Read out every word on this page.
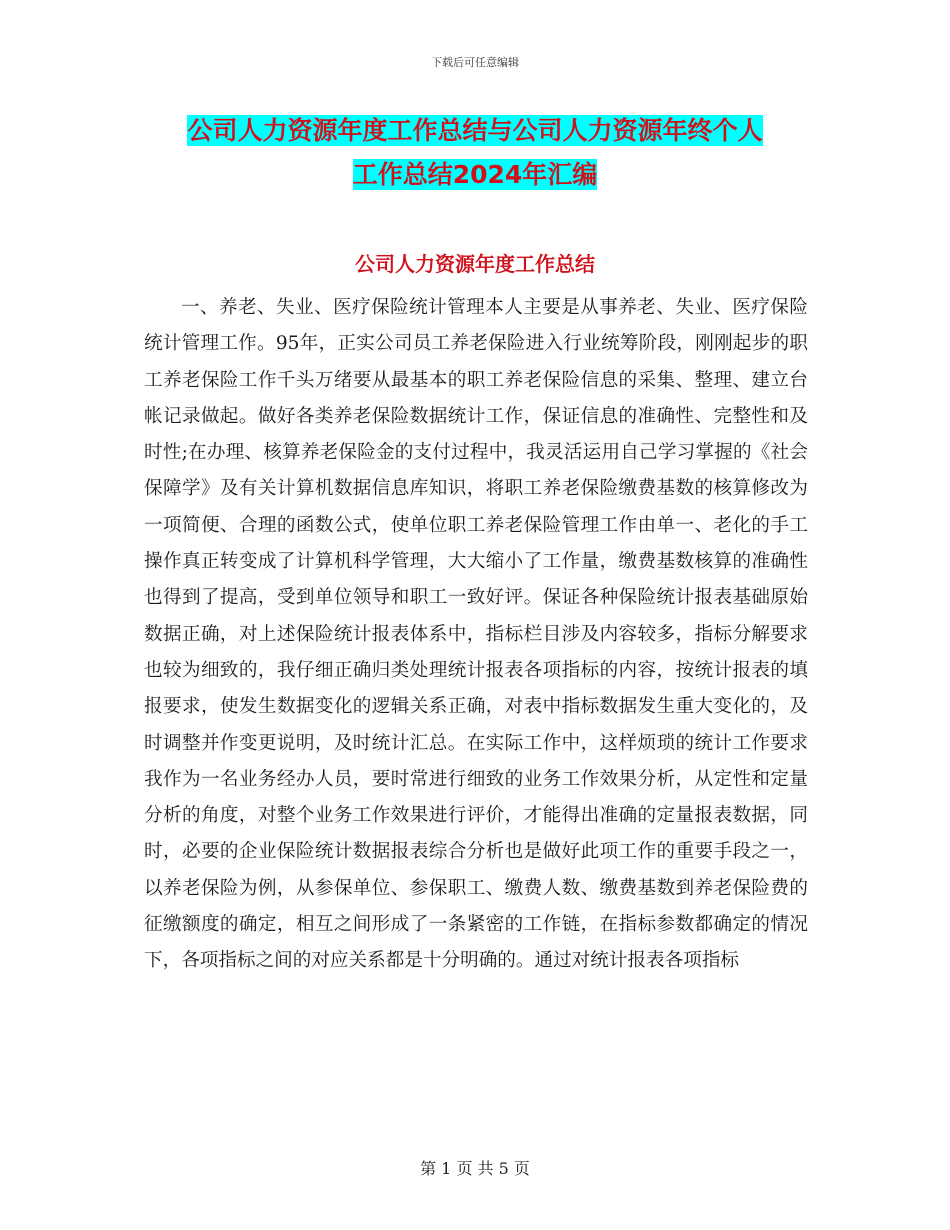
下载后可任意编辑
公司人力资源年度工作总结与公司人力资源年终个人
工作总结2024年汇编
公司人力资源年度工作总结

一、养老、失业、医疗保险统计管理本人主要是从事养老、失业、医疗保险统计管理工作。95年，正实公司员工养老保险进入行业统筹阶段，刚刚起步的职工养老保险工作千头万绪要从最基本的职工养老保险信息的采集、整理、建立台帐记录做起。做好各类养老保险数据统计工作，保证信息的准确性、完整性和及时性;在办理、核算养老保险金的支付过程中，我灵活运用自己学习掌握的《社会保障学》及有关计算机数据信息库知识，将职工养老保险缴费基数的核算修改为一项简便、合理的函数公式，使单位职工养老保险管理工作由单一、老化的手工操作真正转变成了计算机科学管理，大大缩小了工作量，缴费基数核算的准确性也得到了提高，受到单位领导和职工一致好评。保证各种保险统计报表基础原始数据正确，对上述保险统计报表体系中，指标栏目涉及内容较多，指标分解要求也较为细致的，我仔细正确归类处理统计报表各项指标的内容，按统计报表的填报要求，使发生数据变化的逻辑关系正确，对表中指标数据发生重大变化的，及时调整并作变更说明，及时统计汇总。在实际工作中，这样烦琐的统计工作要求我作为一名业务经办人员，要时常进行细致的业务工作效果分析，从定性和定量分析的角度，对整个业务工作效果进行评价，才能得出准确的定量报表数据，同时，必要的企业保险统计数据报表综合分析也是做好此项工作的重要手段之一，以养老保险为例，从参保单位、参保职工、缴费人数、缴费基数到养老保险费的征缴额度的确定，相互之间形成了一条紧密的工作链，在指标参数都确定的情况下，各项指标之间的对应关系都是十分明确的。通过对统计报表各项指标

第 1 页 共 5 页
